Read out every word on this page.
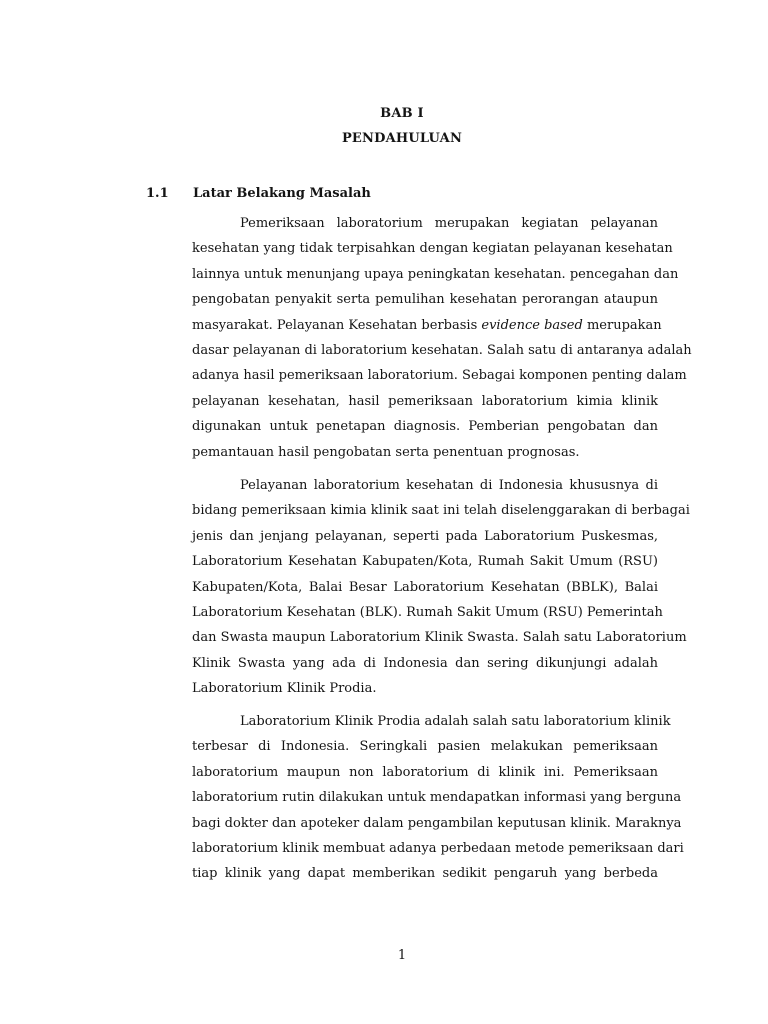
BAB I
PENDAHULUAN
1.1 Latar Belakang Masalah
Pemeriksaan laboratorium merupakan kegiatan pelayanan
kesehatan yang tidak terpisahkan dengan kegiatan pelayanan kesehatan
lainnya untuk menunjang upaya peningkatan kesehatan. pencegahan dan
pengobatan penyakit serta pemulihan kesehatan perorangan ataupun
masyarakat. Pelayanan Kesehatan berbasis evidence based merupakan
dasar pelayanan di laboratorium kesehatan. Salah satu di antaranya adalah
adanya hasil pemeriksaan laboratorium. Sebagai komponen penting dalam
pelayanan kesehatan, hasil pemeriksaan laboratorium kimia klinik
digunakan untuk penetapan diagnosis. Pemberian pengobatan dan
pemantauan hasil pengobatan serta penentuan prognosas.
Pelayanan laboratorium kesehatan di Indonesia khususnya di
bidang pemeriksaan kimia klinik saat ini telah diselenggarakan di berbagai
jenis dan jenjang pelayanan, seperti pada Laboratorium Puskesmas,
Laboratorium Kesehatan Kabupaten/Kota, Rumah Sakit Umum (RSU)
Kabupaten/Kota, Balai Besar Laboratorium Kesehatan (BBLK), Balai
Laboratorium Kesehatan (BLK). Rumah Sakit Umum (RSU) Pemerintah
dan Swasta maupun Laboratorium Klinik Swasta. Salah satu Laboratorium
Klinik Swasta yang ada di Indonesia dan sering dikunjungi adalah
Laboratorium Klinik Prodia.
Laboratorium Klinik Prodia adalah salah satu laboratorium klinik
terbesar di Indonesia. Seringkali pasien melakukan pemeriksaan
laboratorium maupun non laboratorium di klinik ini. Pemeriksaan
laboratorium rutin dilakukan untuk mendapatkan informasi yang berguna
bagi dokter dan apoteker dalam pengambilan keputusan klinik. Maraknya
laboratorium klinik membuat adanya perbedaan metode pemeriksaan dari
tiap klinik yang dapat memberikan sedikit pengaruh yang berbeda
1
